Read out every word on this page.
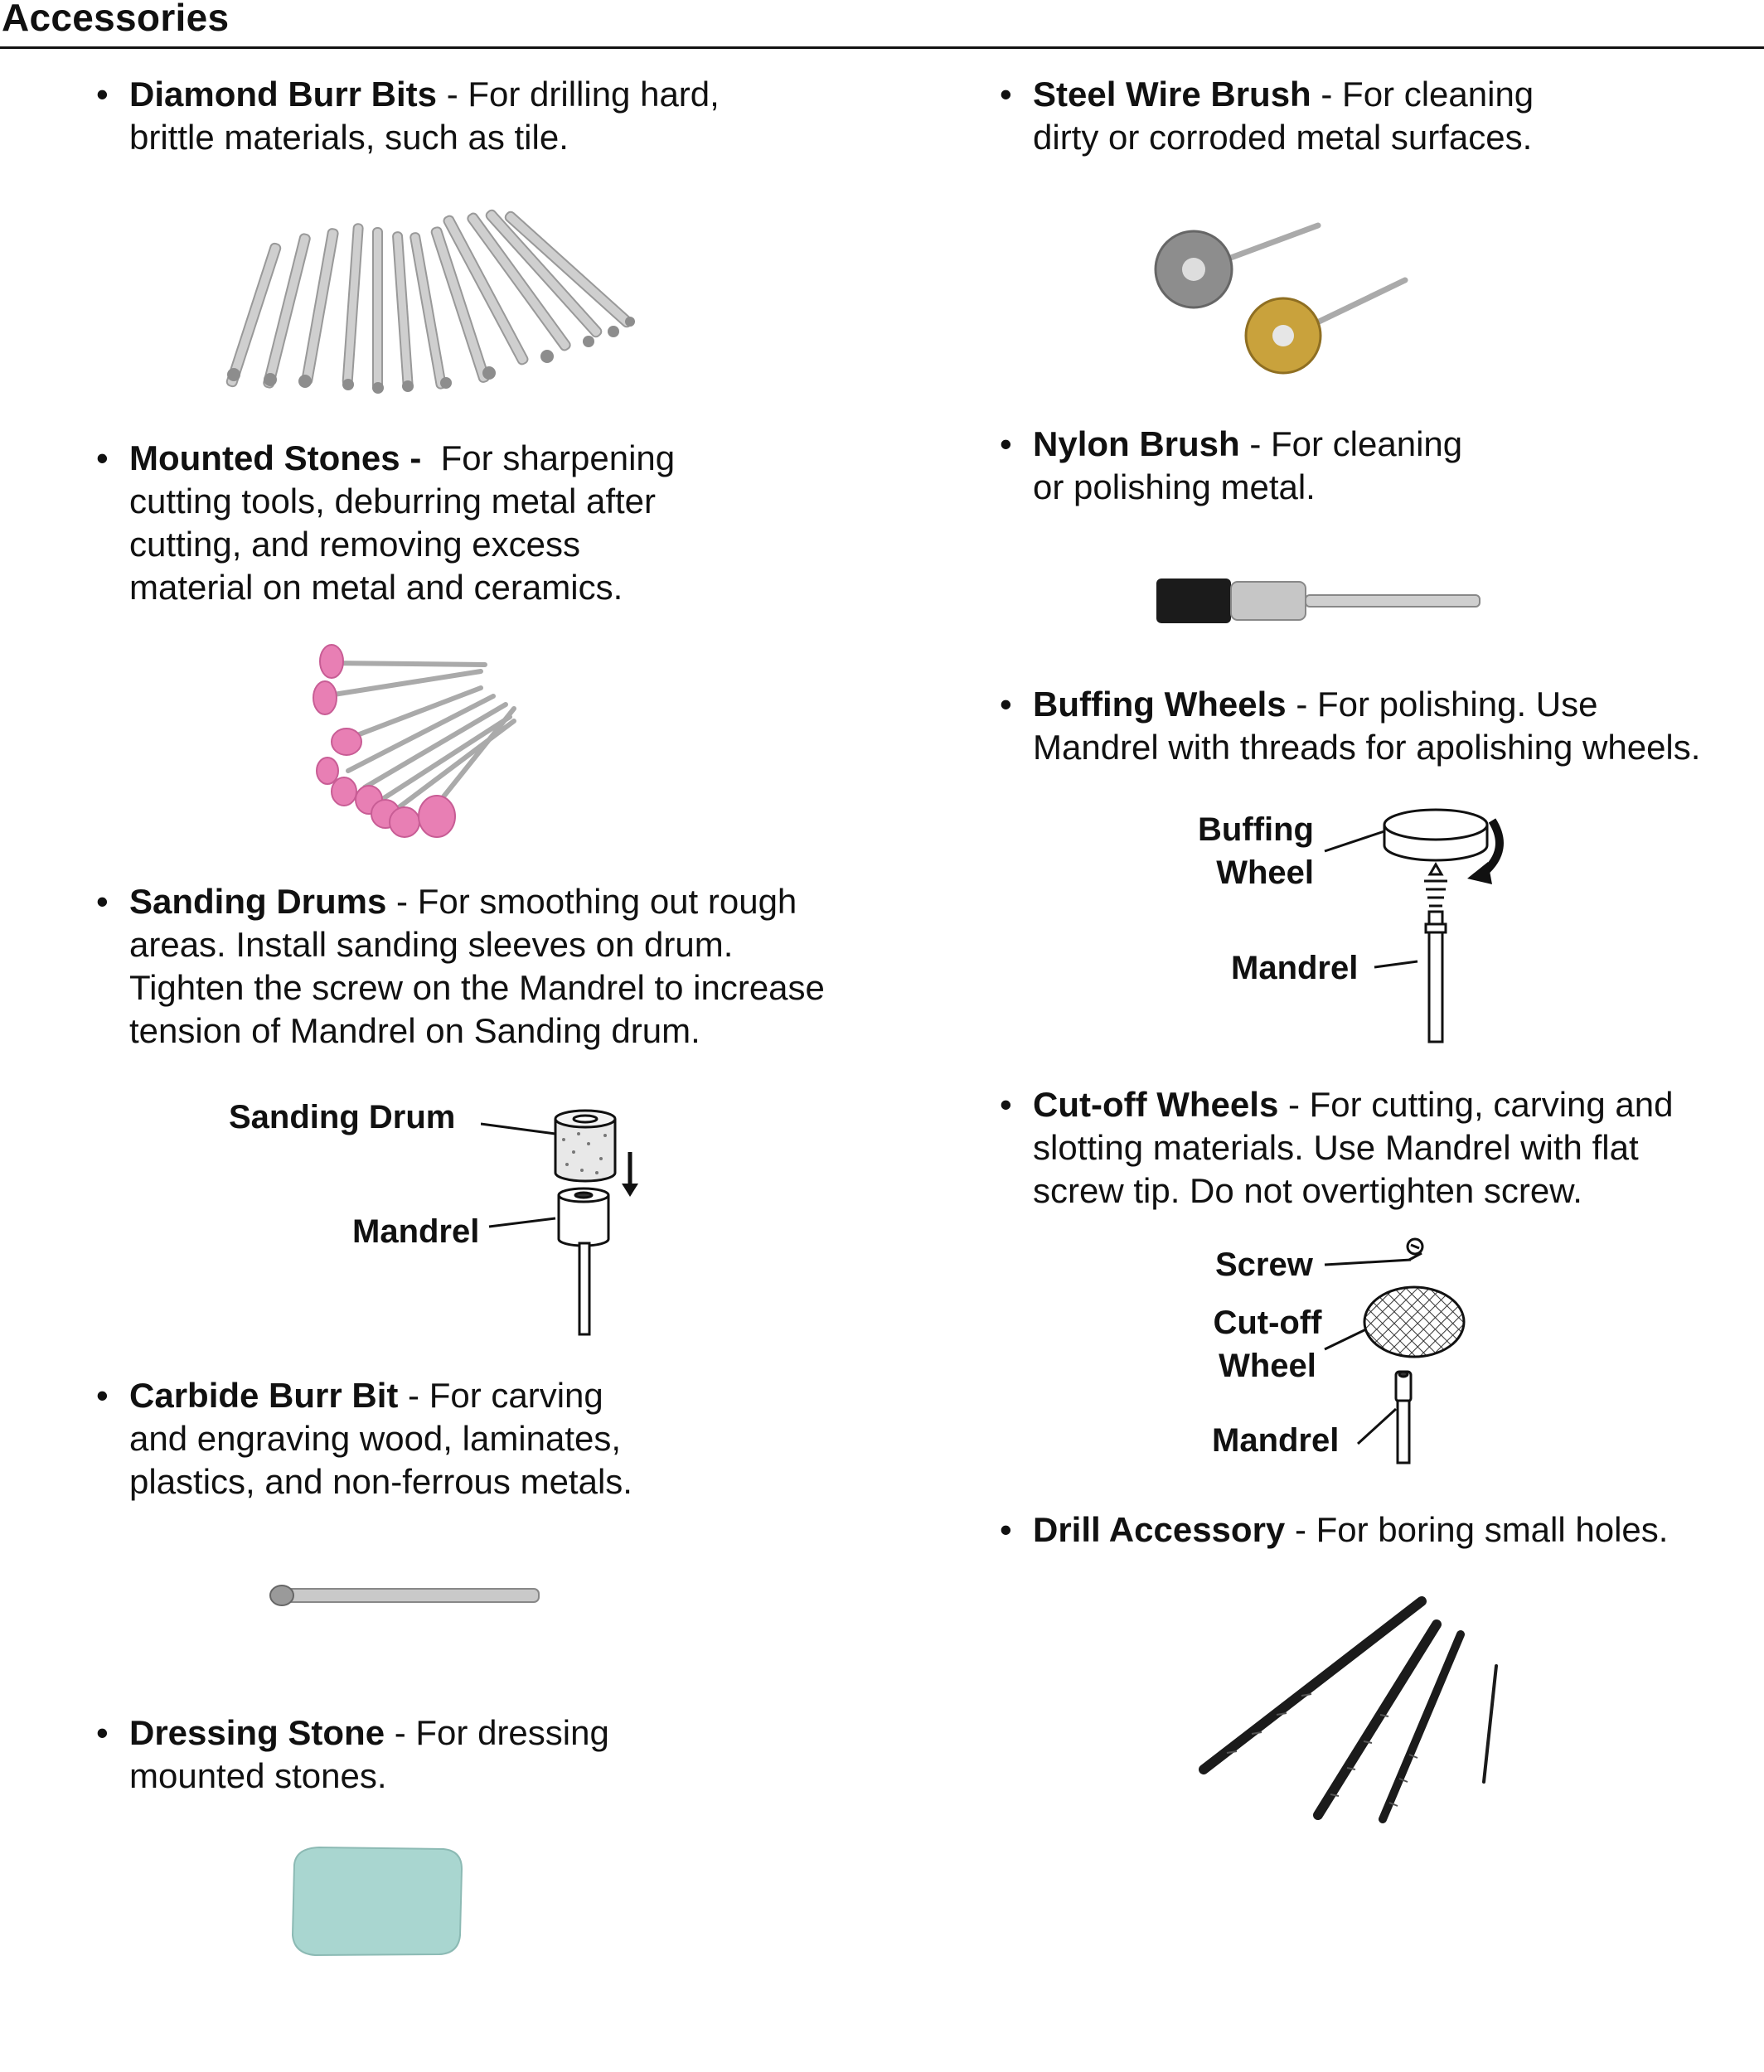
Accessories
• Diamond Burr Bits - For drilling hard,
brittle materials, such as tile.
• Mounted Stones - For sharpening
cutting tools, deburring metal after
cutting, and removing excess
material on metal and ceramics.
• Sanding Drums - For smoothing out rough
areas. Install sanding sleeves on drum.
Tighten the screw on the Mandrel to increase
tension of Mandrel on Sanding drum.
Sanding Drum
Mandrel
• Carbide Burr Bit - For carving
and engraving wood, laminates,
plastics, and non-ferrous metals.
• Dressing Stone - For dressing
mounted stones.
• Steel Wire Brush - For cleaning
dirty or corroded metal surfaces.
• Nylon Brush - For cleaning
or polishing metal.
• Buffing Wheels - For polishing. Use
Mandrel with threads for apolishing wheels.
Buffing
Wheel
Mandrel
• Cut-off Wheels - For cutting, carving and
slotting materials. Use Mandrel with flat
screw tip. Do not overtighten screw.
Screw
Cut-off
Wheel
Mandrel
• Drill Accessory - For boring small holes.
